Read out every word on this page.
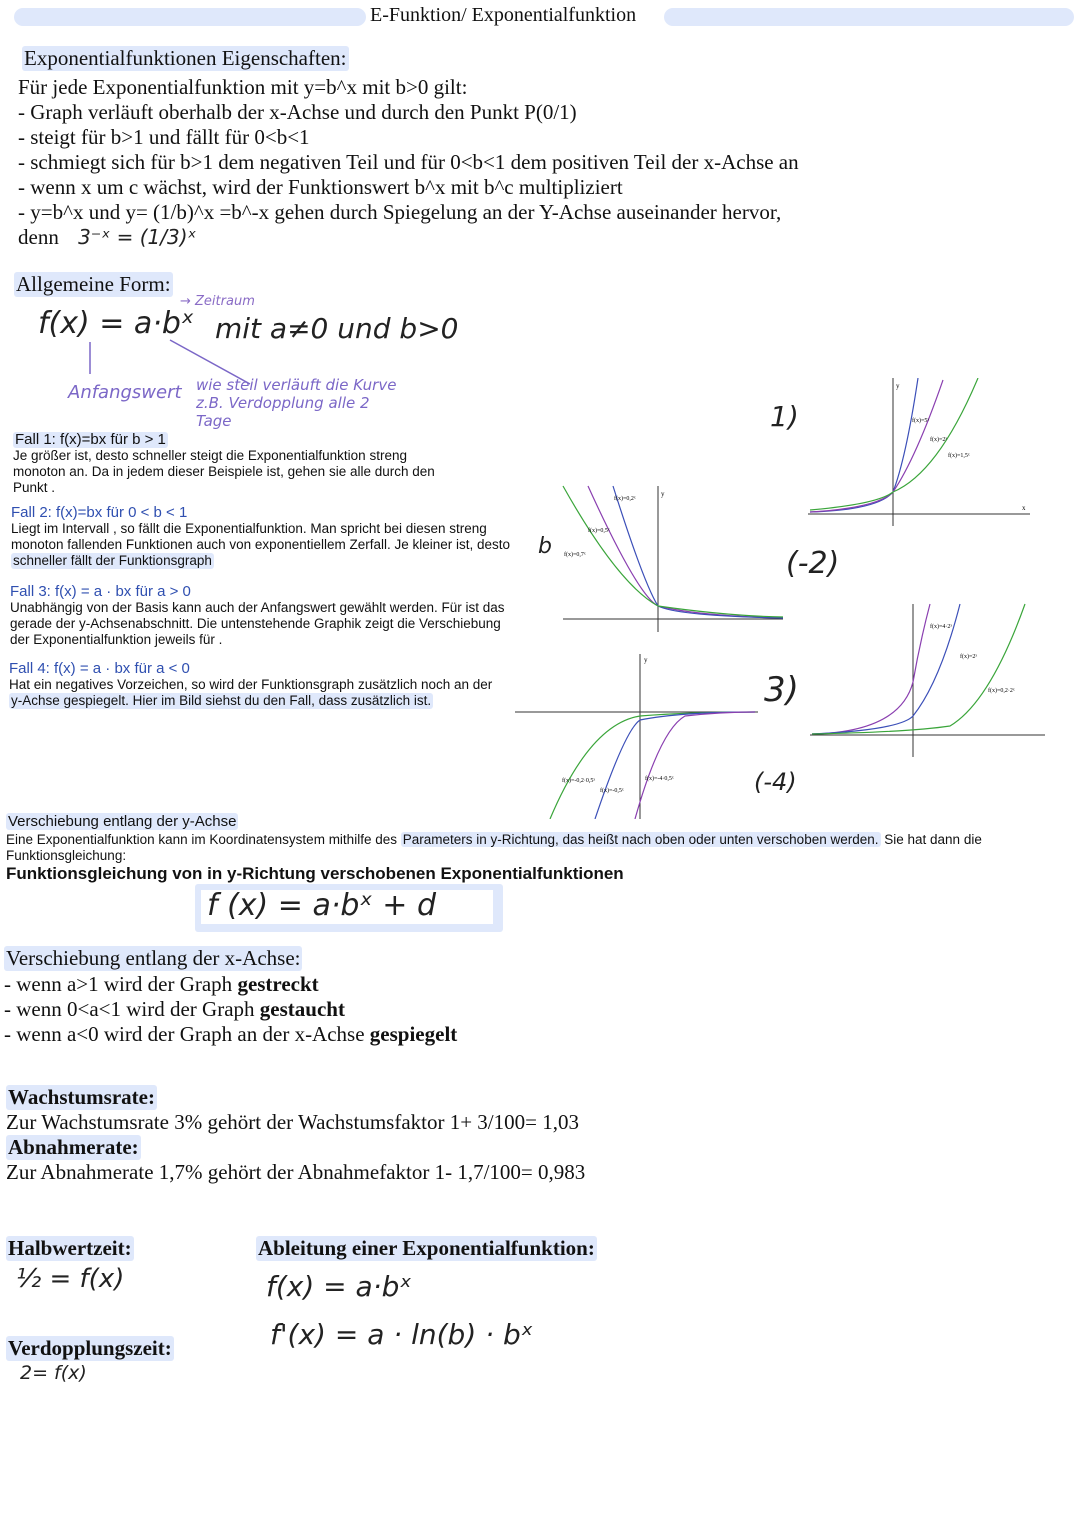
E-Funktion/ Exponentialfunktion
Exponentialfunktionen Eigenschaften:
Für jede Exponentialfunktion mit y=b^x mit b>0 gilt:
- Graph verläuft oberhalb der x-Achse und durch den Punkt P(0/1)
- steigt für b>1 und fällt für 0<b<1
- schmiegt sich für b>1 dem negativen Teil und für 0<b<1 dem positiven Teil der x-Achse an
- wenn x um c wächst, wird der Funktionswert b^x mit b^c multipliziert
- y=b^x und y= (1/b)^x =b^-x gehen durch Spiegelung an der Y-Achse auseinander hervor,
denn 3⁻ˣ = (1/3)ˣ
Allgemeine Form:
f(x) = a·bˣ mit a≠0 und b>0
→ Zeitraum
Anfangswert wie steil verläuft die Kurve z.B. Verdopplung alle 2 Tage
Fall 1: f(x)=bx für b > 1
Je größer ist, desto schneller steigt die Exponentialfunktion streng
monoton an. Da in jedem dieser Beispiele ist, gehen sie alle durch den
Punkt .
Fall 2: f(x)=bx für 0 < b < 1
Liegt im Intervall , so fällt die Exponentialfunktion. Man spricht bei diesen streng
monoton fallenden Funktionen auch von exponentiellem Zerfall. Je kleiner ist, desto
schneller fällt der Funktionsgraph
b
Fall 3: f(x) = a · bx für a > 0
Unabhängig von der Basis kann auch der Anfangswert gewählt werden. Für ist das
gerade der y-Achsenabschnitt. Die untenstehende Graphik zeigt die Verschiebung
der Exponentialfunktion jeweils für .
Fall 4: f(x) = a · bx für a < 0
Hat ein negatives Vorzeichen, so wird der Funktionsgraph zusätzlich noch an der
y-Achse gespiegelt. Hier im Bild siehst du den Fall, dass zusätzlich ist.
y
x
f(x)=5ˣ
f(x)=2ˣ
f(x)=1,5ˣ
y
f(x)=0,2ˣ
f(x)=0,5ˣ
f(x)=0,7ˣ
f(x)=4·2ˣ
f(x)=2ˣ
f(x)=0,2·2ˣ
y
f(x)=-0,2·0,5ˣ
f(x)=-0,5ˣ
f(x)=-4·0,5ˣ
1)
(-2)
3)
(-4)
Verschiebung entlang der y-Achse
Eine Exponentialfunktion kann im Koordinatensystem mithilfe des Parameters in y-Richtung, das heißt nach oben oder unten verschoben werden. Sie hat dann die
Funktionsgleichung:
Funktionsgleichung von in y-Richtung verschobenen Exponentialfunktionen
f (x) = a·bˣ + d
Verschiebung entlang der x-Achse:
- wenn a>1 wird der Graph gestreckt
- wenn 0<a<1 wird der Graph gestaucht
- wenn a<0 wird der Graph an der x-Achse gespiegelt
Wachstumsrate:
Zur Wachstumsrate 3% gehört der Wachstumsfaktor 1+ 3/100= 1,03
Abnahmerate:
Zur Abnahmerate 1,7% gehört der Abnahmefaktor 1- 1,7/100= 0,983
Halbwertzeit:
½ = f(x)
Verdopplungszeit:
2= f(x)
Ableitung einer Exponentialfunktion:
f(x) = a·bˣ
f'(x) = a · ln(b) · bˣ
